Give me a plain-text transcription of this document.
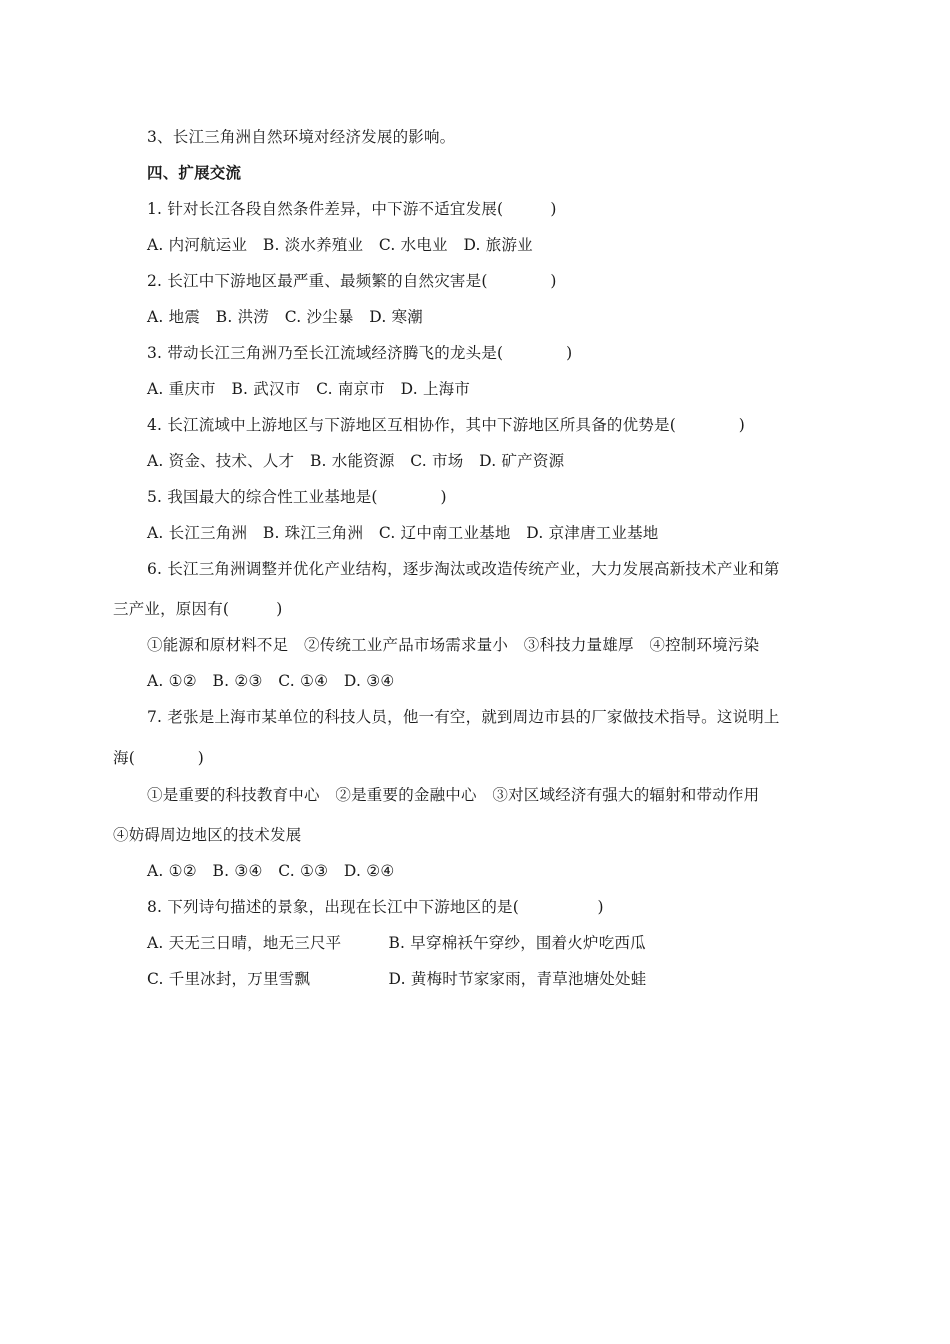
3、长江三角洲自然环境对经济发展的影响。
四、扩展交流
1. 针对长江各段自然条件差异，中下游不适宜发展(　　　)
A. 内河航运业　B. 淡水养殖业　C. 水电业　D. 旅游业
2. 长江中下游地区最严重、最频繁的自然灾害是(　　　　)
A. 地震　B. 洪涝　C. 沙尘暴　D. 寒潮
3. 带动长江三角洲乃至长江流域经济腾飞的龙头是(　　　　)
A. 重庆市　B. 武汉市　C. 南京市　D. 上海市
4. 长江流域中上游地区与下游地区互相协作，其中下游地区所具备的优势是(　　　　)
A. 资金、技术、人才　B. 水能资源　C. 市场　D. 矿产资源
5. 我国最大的综合性工业基地是(　　　　)
A. 长江三角洲　B. 珠江三角洲　C. 辽中南工业基地　D. 京津唐工业基地
6. 长江三角洲调整并优化产业结构，逐步淘汰或改造传统产业，大力发展高新技术产业和第
三产业，原因有(　　　)
①能源和原材料不足　②传统工业产品市场需求量小　③科技力量雄厚　④控制环境污染
A. ①②　B. ②③　C. ①④　D. ③④
7. 老张是上海市某单位的科技人员，他一有空，就到周边市县的厂家做技术指导。这说明上
海(　　　　)
①是重要的科技教育中心　②是重要的金融中心　③对区域经济有强大的辐射和带动作用
④妨碍周边地区的技术发展
A. ①②　B. ③④　C. ①③　D. ②④
8. 下列诗句描述的景象，出现在长江中下游地区的是(　　　　　)
A. 天无三日晴，地无三尺平　　　B. 早穿棉袄午穿纱，围着火炉吃西瓜
C. 千里冰封，万里雪飘　　　　　D. 黄梅时节家家雨，青草池塘处处蛙
